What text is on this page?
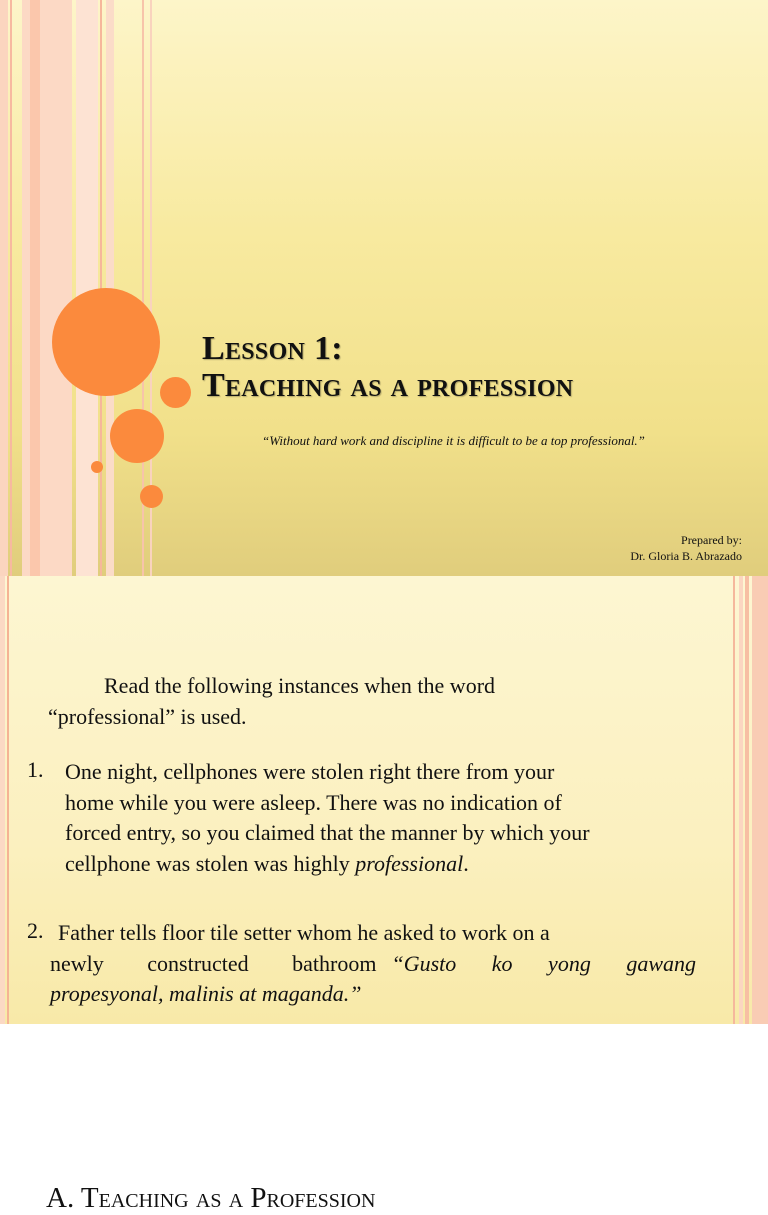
Lesson 1:
Teaching as a profession
“Without hard work and discipline it is difficult to be a top professional.”
Prepared by:
Dr. Gloria B. Abrazado
A. Teaching as a Profession
Read the following instances when the word
“professional” is used.
1. One night, cellphones were stolen right there from your
home while you were asleep. There was no indication of
forced entry, so you claimed that the manner by which your
cellphone was stolen was highly professional.
2. Father tells floor tile setter whom he asked to work on a
newly constructed bathroom “Gusto ko yong gawang
propesyonal, malinis at maganda.”
